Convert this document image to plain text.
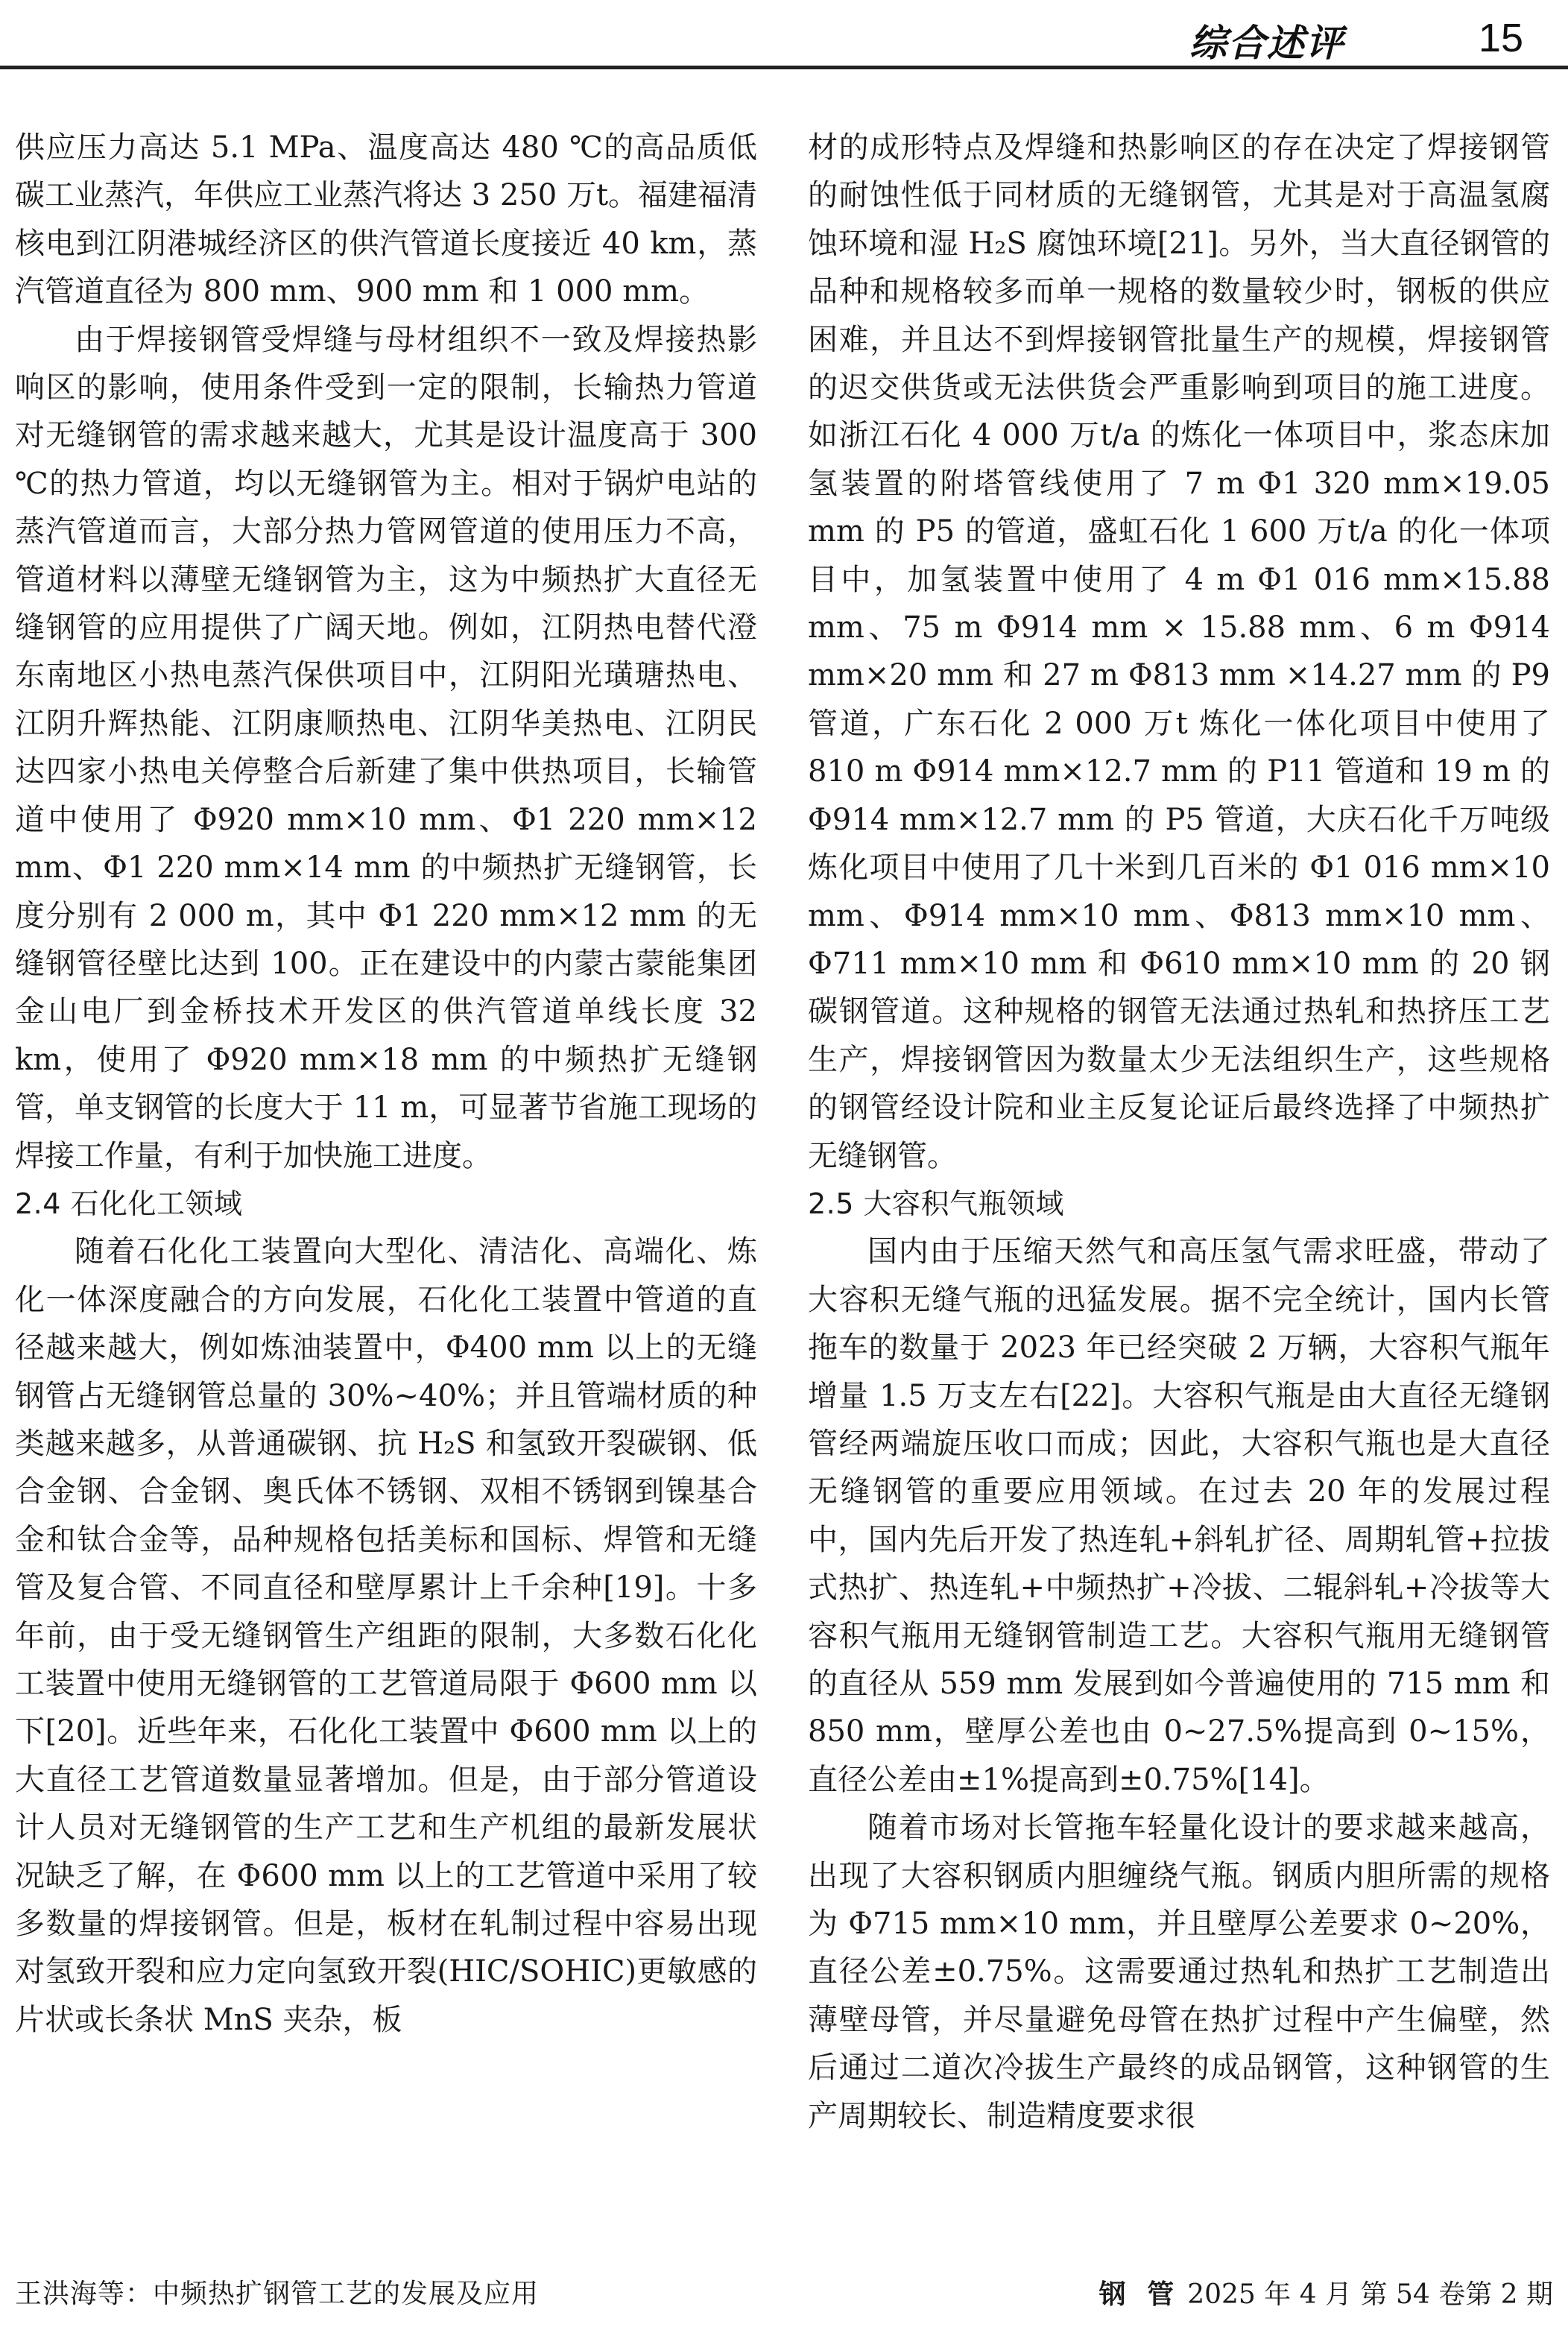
综合述评	15

供应压力高达 5.1 MPa、温度高达 480 ℃的高品质低碳工业蒸汽，年供应工业蒸汽将达 3 250 万t。福建福清核电到江阴港城经济区的供汽管道长度接近 40 km，蒸汽管道直径为 800 mm、900 mm 和 1 000 mm。

由于焊接钢管受焊缝与母材组织不一致及焊接热影响区的影响，使用条件受到一定的限制，长输热力管道对无缝钢管的需求越来越大，尤其是设计温度高于 300 ℃的热力管道，均以无缝钢管为主。相对于锅炉电站的蒸汽管道而言，大部分热力管网管道的使用压力不高，管道材料以薄壁无缝钢管为主，这为中频热扩大直径无缝钢管的应用提供了广阔天地。例如，江阴热电替代澄东南地区小热电蒸汽保供项目中，江阴阳光璜瑭热电、江阴升辉热能、江阴康顺热电、江阴华美热电、江阴民达四家小热电关停整合后新建了集中供热项目，长输管道中使用了 Φ920 mm×10 mm、Φ1 220 mm×12 mm、Φ1 220 mm×14 mm 的中频热扩无缝钢管，长度分别有 2 000 m，其中 Φ1 220 mm×12 mm 的无缝钢管径壁比达到 100。正在建设中的内蒙古蒙能集团金山电厂到金桥技术开发区的供汽管道单线长度 32 km，使用了 Φ920 mm×18 mm 的中频热扩无缝钢管，单支钢管的长度大于 11 m，可显著节省施工现场的焊接工作量，有利于加快施工进度。

2.4 石化化工领域

随着石化化工装置向大型化、清洁化、高端化、炼化一体深度融合的方向发展，石化化工装置中管道的直径越来越大，例如炼油装置中，Φ400 mm 以上的无缝钢管占无缝钢管总量的 30%~40%；并且管端材质的种类越来越多，从普通碳钢、抗 H₂S 和氢致开裂碳钢、低合金钢、合金钢、奥氏体不锈钢、双相不锈钢到镍基合金和钛合金等，品种规格包括美标和国标、焊管和无缝管及复合管、不同直径和壁厚累计上千余种[19]。十多年前，由于受无缝钢管生产组距的限制，大多数石化化工装置中使用无缝钢管的工艺管道局限于 Φ600 mm 以下[20]。近些年来，石化化工装置中 Φ600 mm 以上的大直径工艺管道数量显著增加。但是，由于部分管道设计人员对无缝钢管的生产工艺和生产机组的最新发展状况缺乏了解，在 Φ600 mm 以上的工艺管道中采用了较多数量的焊接钢管。但是，板材在轧制过程中容易出现对氢致开裂和应力定向氢致开裂(HIC/SOHIC)更敏感的片状或长条状 MnS 夹杂，板

材的成形特点及焊缝和热影响区的存在决定了焊接钢管的耐蚀性低于同材质的无缝钢管，尤其是对于高温氢腐蚀环境和湿 H₂S 腐蚀环境[21]。另外，当大直径钢管的品种和规格较多而单一规格的数量较少时，钢板的供应困难，并且达不到焊接钢管批量生产的规模，焊接钢管的迟交供货或无法供货会严重影响到项目的施工进度。如浙江石化 4 000 万t/a 的炼化一体项目中，浆态床加氢装置的附塔管线使用了 7 m Φ1 320 mm×19.05 mm 的 P5 的管道，盛虹石化 1 600 万t/a 的化一体项目中，加氢装置中使用了 4 m Φ1 016 mm×15.88 mm、75 m Φ914 mm × 15.88 mm、6 m Φ914 mm×20 mm 和 27 m Φ813 mm ×14.27 mm 的 P9 管道，广东石化 2 000 万t 炼化一体化项目中使用了 810 m Φ914 mm×12.7 mm 的 P11 管道和 19 m 的 Φ914 mm×12.7 mm 的 P5 管道，大庆石化千万吨级炼化项目中使用了几十米到几百米的 Φ1 016 mm×10 mm、Φ914 mm×10 mm、Φ813 mm×10 mm、Φ711 mm×10 mm 和 Φ610 mm×10 mm 的 20 钢碳钢管道。这种规格的钢管无法通过热轧和热挤压工艺生产，焊接钢管因为数量太少无法组织生产，这些规格的钢管经设计院和业主反复论证后最终选择了中频热扩无缝钢管。

2.5 大容积气瓶领域

国内由于压缩天然气和高压氢气需求旺盛，带动了大容积无缝气瓶的迅猛发展。据不完全统计，国内长管拖车的数量于 2023 年已经突破 2 万辆，大容积气瓶年增量 1.5 万支左右[22]。大容积气瓶是由大直径无缝钢管经两端旋压收口而成；因此，大容积气瓶也是大直径无缝钢管的重要应用领域。在过去 20 年的发展过程中，国内先后开发了热连轧+斜轧扩径、周期轧管+拉拔式热扩、热连轧+中频热扩+冷拔、二辊斜轧+冷拔等大容积气瓶用无缝钢管制造工艺。大容积气瓶用无缝钢管的直径从 559 mm 发展到如今普遍使用的 715 mm 和 850 mm，壁厚公差也由 0~27.5%提高到 0~15%，直径公差由±1%提高到±0.75%[14]。

随着市场对长管拖车轻量化设计的要求越来越高，出现了大容积钢质内胆缠绕气瓶。钢质内胆所需的规格为 Φ715 mm×10 mm，并且壁厚公差要求 0~20%，直径公差±0.75%。这需要通过热轧和热扩工艺制造出薄壁母管，并尽量避免母管在热扩过程中产生偏壁，然后通过二道次冷拔生产最终的成品钢管，这种钢管的生产周期较长、制造精度要求很

王洪海等：中频热扩钢管工艺的发展及应用	钢 管 2025 年 4 月 第 54 卷第 2 期
